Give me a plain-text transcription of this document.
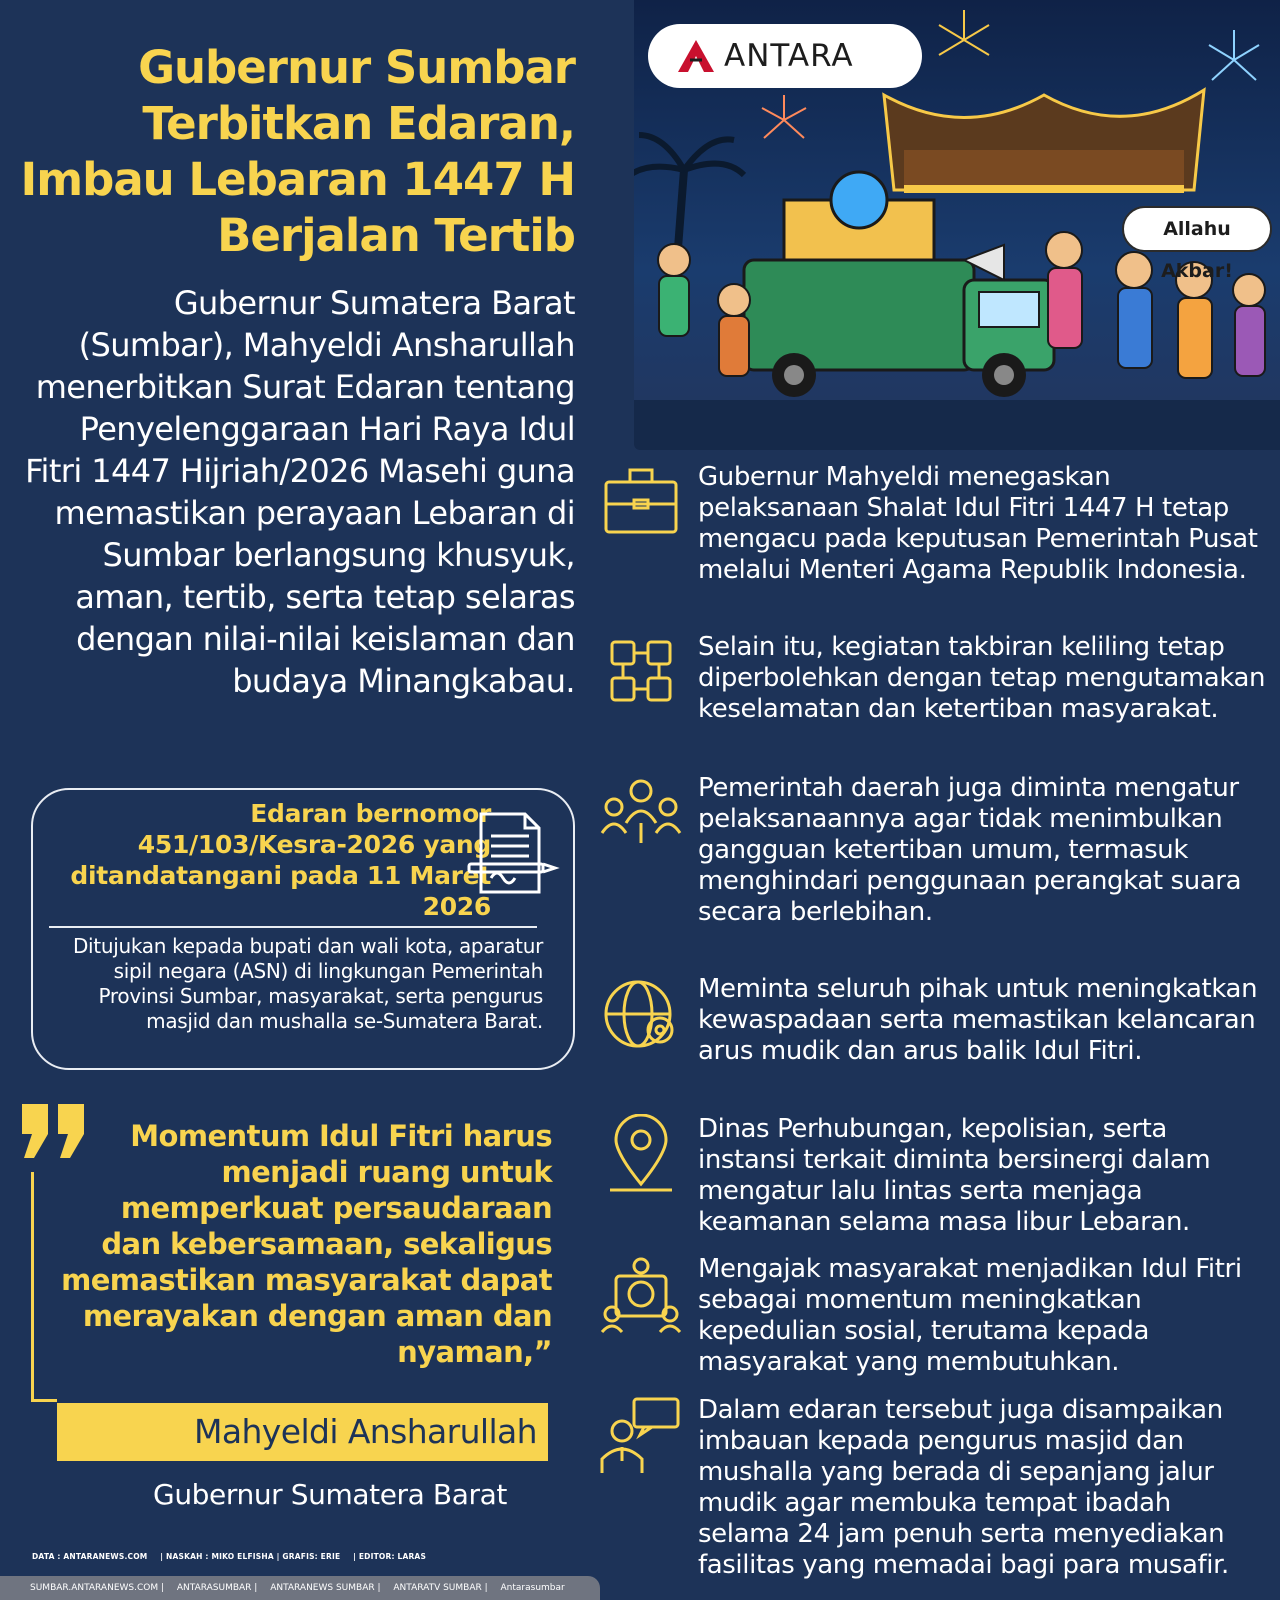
Gubernur Sumbar Terbitkan Edaran, Imbau Lebaran 1447 H Berjalan Tertib
Gubernur Sumatera Barat (Sumbar), Mahyeldi Ansharullah menerbitkan Surat Edaran tentang Penyelenggaraan Hari Raya Idul Fitri 1447 Hijriah/2026 Masehi guna memastikan perayaan Lebaran di Sumbar berlangsung khusyuk, aman, tertib, serta tetap selaras dengan nilai-nilai keislaman dan budaya Minangkabau.
Edaran bernomor 451/103/Kesra-2026 yang ditandatangani pada 11 Maret 2026
Ditujukan kepada bupati dan wali kota, aparatur sipil negara (ASN) di lingkungan Pemerintah Provinsi Sumbar, masyarakat, serta pengurus masjid dan mushalla se-Sumatera Barat.
Momentum Idul Fitri harus menjadi ruang untuk memperkuat persaudaraan dan kebersamaan, sekaligus memastikan masyarakat dapat merayakan dengan aman dan nyaman,”
Mahyeldi Ansharullah
Gubernur Sumatera Barat
DATA : ANTARANEWS.COM | NASKAH : MIKO ELFISHA | GRAFIS: ERIE | EDITOR: LARAS
SUMBAR.ANTARANEWS.COM | ANTARASUMBAR | ANTARANEWS SUMBAR | ANTARATV SUMBAR | Antarasumbar
ANTARA
Allahu Akbar!
Gubernur Mahyeldi menegaskan pelaksanaan Shalat Idul Fitri 1447 H tetap mengacu pada keputusan Pemerintah Pusat melalui Menteri Agama Republik Indonesia.
Selain itu, kegiatan takbiran keliling tetap diperbolehkan dengan tetap mengutamakan keselamatan dan ketertiban masyarakat.
Pemerintah daerah juga diminta mengatur pelaksanaannya agar tidak menimbulkan gangguan ketertiban umum, termasuk menghindari penggunaan perangkat suara secara berlebihan.
Meminta seluruh pihak untuk meningkatkan kewaspadaan serta memastikan kelancaran arus mudik dan arus balik Idul Fitri.
Dinas Perhubungan, kepolisian, serta instansi terkait diminta bersinergi dalam mengatur lalu lintas serta menjaga keamanan selama masa libur Lebaran.
Mengajak masyarakat menjadikan Idul Fitri sebagai momentum meningkatkan kepedulian sosial, terutama kepada masyarakat yang membutuhkan.
Dalam edaran tersebut juga disampaikan imbauan kepada pengurus masjid dan mushalla yang berada di sepanjang jalur mudik agar membuka tempat ibadah selama 24 jam penuh serta menyediakan fasilitas yang memadai bagi para musafir.
